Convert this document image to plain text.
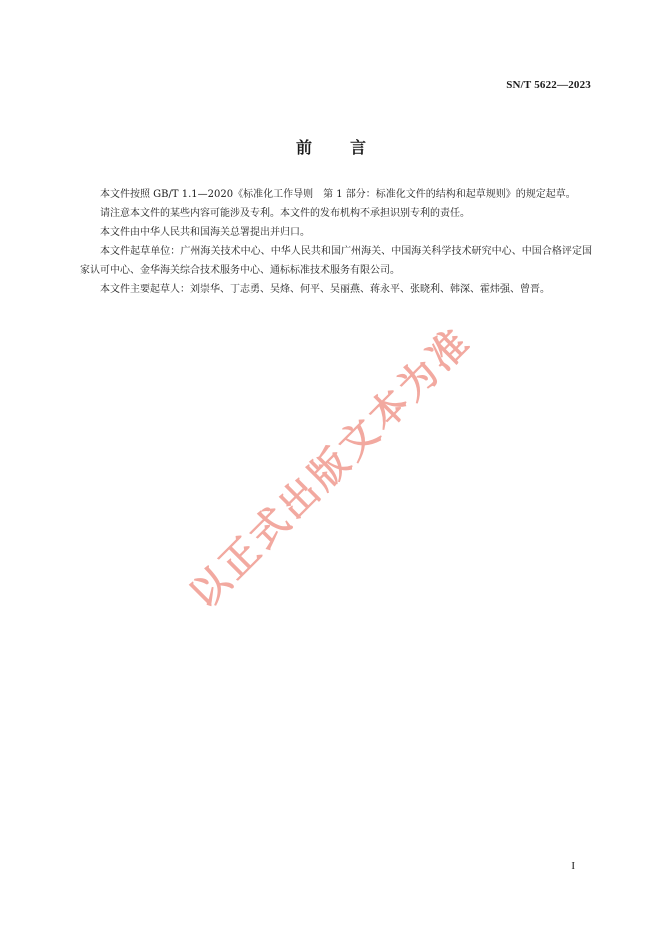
SN/T 5622—2023
前 言

本文件按照 GB/T 1.1—2020《标准化工作导则　第 1 部分：标准化文件的结构和起草规则》的规定起草。

请注意本文件的某些内容可能涉及专利。本文件的发布机构不承担识别专利的责任。

本文件由中华人民共和国海关总署提出并归口。

本文件起草单位：广州海关技术中心、中华人民共和国广州海关、中国海关科学技术研究中心、中国合格评定国家认可中心、金华海关综合技术服务中心、通标标准技术服务有限公司。

本文件主要起草人：刘崇华、丁志勇、吴烽、何平、吴丽燕、蒋永平、张晓利、韩深、霍炜强、曾晋。

以正式出版文本为准
I
